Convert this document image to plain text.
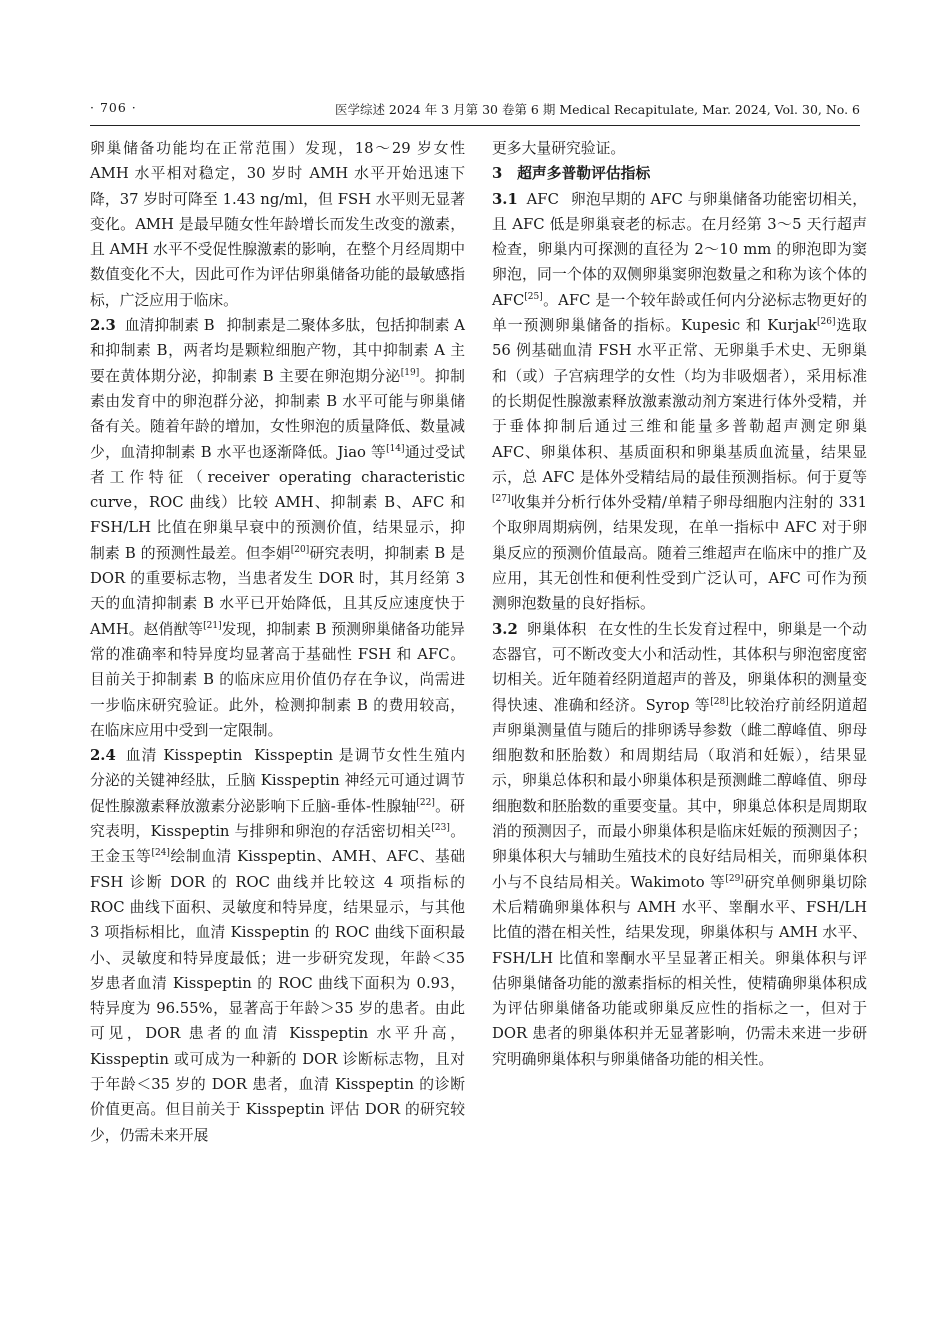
· 706 ·	医学综述 2024 年 3 月第 30 卷第 6 期 Medical Recapitulate, Mar. 2024, Vol. 30, No. 6

卵巢储备功能均在正常范围）发现，18～29 岁女性 AMH 水平相对稳定，30 岁时 AMH 水平开始迅速下降，37 岁时可降至 1.43 ng/ml，但 FSH 水平则无显著变化。AMH 是最早随女性年龄增长而发生改变的激素，且 AMH 水平不受促性腺激素的影响，在整个月经周期中数值变化不大，因此可作为评估卵巢储备功能的最敏感指标，广泛应用于临床。

2.3 血清抑制素 B 抑制素是二聚体多肽，包括抑制素 A 和抑制素 B，两者均是颗粒细胞产物，其中抑制素 A 主要在黄体期分泌，抑制素 B 主要在卵泡期分泌[19]。抑制素由发育中的卵泡群分泌，抑制素 B 水平可能与卵巢储备有关。随着年龄的增加，女性卵泡的质量降低、数量减少，血清抑制素 B 水平也逐渐降低。Jiao 等[14]通过受试者工作特征（receiver operating characteristic curve，ROC 曲线）比较 AMH、抑制素 B、AFC 和 FSH/LH 比值在卵巢早衰中的预测价值，结果显示，抑制素 B 的预测性最差。但李娟[20]研究表明，抑制素 B 是 DOR 的重要标志物，当患者发生 DOR 时，其月经第 3 天的血清抑制素 B 水平已开始降低，且其反应速度快于 AMH。赵俏猷等[21]发现，抑制素 B 预测卵巢储备功能异常的准确率和特异度均显著高于基础性 FSH 和 AFC。目前关于抑制素 B 的临床应用价值仍存在争议，尚需进一步临床研究验证。此外，检测抑制素 B 的费用较高，在临床应用中受到一定限制。

2.4 血清 Kisspeptin Kisspeptin 是调节女性生殖内分泌的关键神经肽，丘脑 Kisspeptin 神经元可通过调节促性腺激素释放激素分泌影响下丘脑-垂体-性腺轴[22]。研究表明，Kisspeptin 与排卵和卵泡的存活密切相关[23]。王金玉等[24]绘制血清 Kisspeptin、AMH、AFC、基础 FSH 诊断 DOR 的 ROC 曲线并比较这 4 项指标的 ROC 曲线下面积、灵敏度和特异度，结果显示，与其他 3 项指标相比，血清 Kisspeptin 的 ROC 曲线下面积最小、灵敏度和特异度最低；进一步研究发现，年龄＜35 岁患者血清 Kisspeptin 的 ROC 曲线下面积为 0.93，特异度为 96.55%，显著高于年龄＞35 岁的患者。由此可见，DOR 患者的血清 Kisspeptin 水平升高，Kisspeptin 或可成为一种新的 DOR 诊断标志物，且对于年龄＜35 岁的 DOR 患者，血清 Kisspeptin 的诊断价值更高。但目前关于 Kisspeptin 评估 DOR 的研究较少，仍需未来开展

更多大量研究验证。

3 超声多普勒评估指标

3.1 AFC 卵泡早期的 AFC 与卵巢储备功能密切相关，且 AFC 低是卵巢衰老的标志。在月经第 3～5 天行超声检查，卵巢内可探测的直径为 2～10 mm 的卵泡即为窦卵泡，同一个体的双侧卵巢窦卵泡数量之和称为该个体的 AFC[25]。AFC 是一个较年龄或任何内分泌标志物更好的单一预测卵巢储备的指标。Kupesic 和 Kurjak[26]选取 56 例基础血清 FSH 水平正常、无卵巢手术史、无卵巢和（或）子宫病理学的女性（均为非吸烟者），采用标准的长期促性腺激素释放激素激动剂方案进行体外受精，并于垂体抑制后通过三维和能量多普勒超声测定卵巢 AFC、卵巢体积、基质面积和卵巢基质血流量，结果显示，总 AFC 是体外受精结局的最佳预测指标。何于夏等[27]收集并分析行体外受精/单精子卵母细胞内注射的 331 个取卵周期病例，结果发现，在单一指标中 AFC 对于卵巢反应的预测价值最高。随着三维超声在临床中的推广及应用，其无创性和便利性受到广泛认可，AFC 可作为预测卵泡数量的良好指标。

3.2 卵巢体积 在女性的生长发育过程中，卵巢是一个动态器官，可不断改变大小和活动性，其体积与卵泡密度密切相关。近年随着经阴道超声的普及，卵巢体积的测量变得快速、准确和经济。Syrop 等[28]比较治疗前经阴道超声卵巢测量值与随后的排卵诱导参数（雌二醇峰值、卵母细胞数和胚胎数）和周期结局（取消和妊娠），结果显示，卵巢总体积和最小卵巢体积是预测雌二醇峰值、卵母细胞数和胚胎数的重要变量。其中，卵巢总体积是周期取消的预测因子，而最小卵巢体积是临床妊娠的预测因子；卵巢体积大与辅助生殖技术的良好结局相关，而卵巢体积小与不良结局相关。Wakimoto 等[29]研究单侧卵巢切除术后精确卵巢体积与 AMH 水平、睾酮水平、FSH/LH 比值的潜在相关性，结果发现，卵巢体积与 AMH 水平、FSH/LH 比值和睾酮水平呈显著正相关。卵巢体积与评估卵巢储备功能的激素指标的相关性，使精确卵巢体积成为评估卵巢储备功能或卵巢反应性的指标之一，但对于 DOR 患者的卵巢体积并无显著影响，仍需未来进一步研究明确卵巢体积与卵巢储备功能的相关性。
